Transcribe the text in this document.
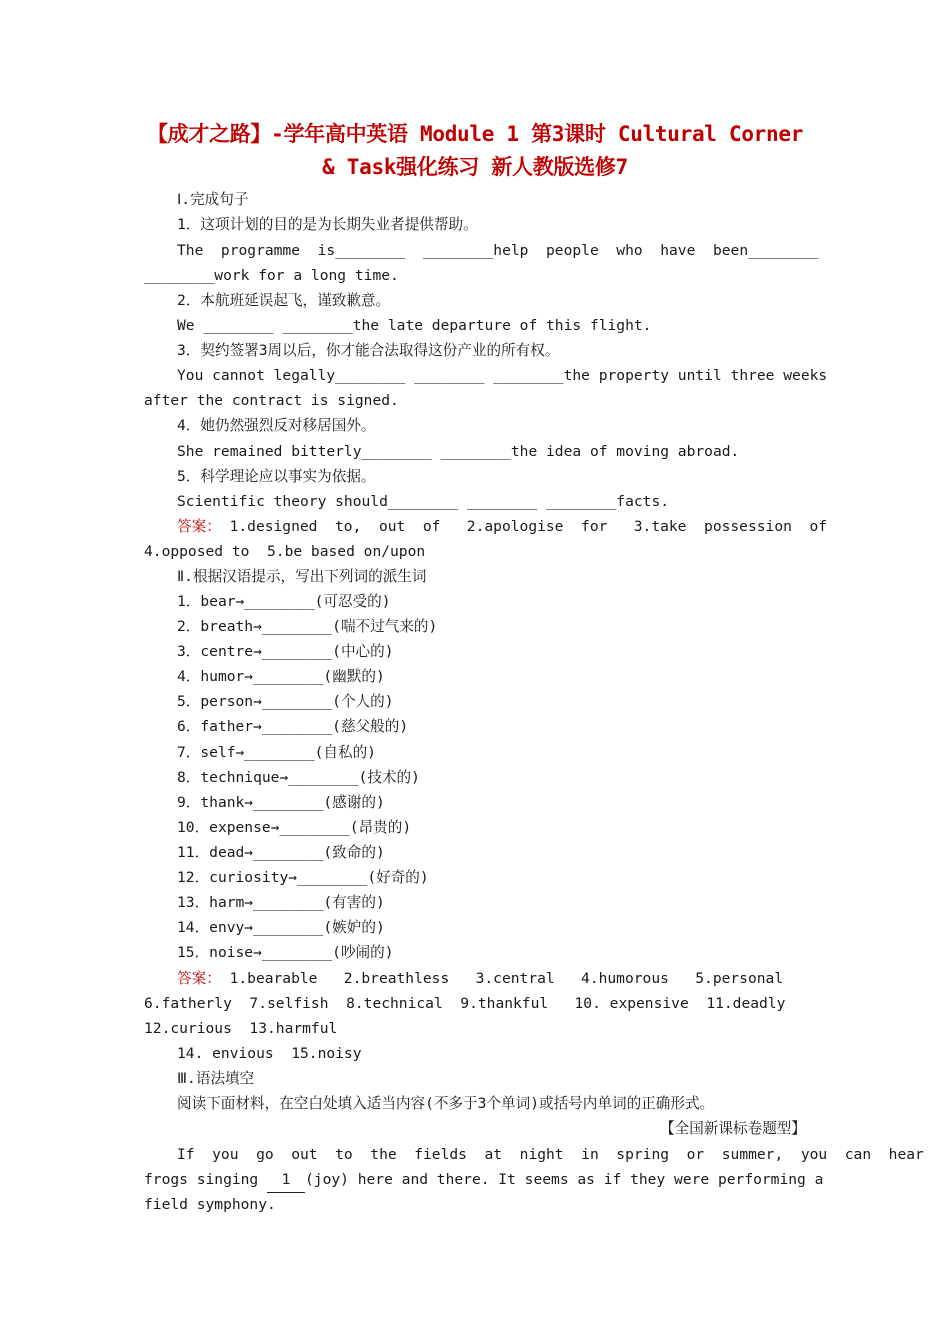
【成才之路】-学年高中英语 Module 1 第3课时 Cultural Corner
& Task强化练习 新人教版选修7
Ⅰ.完成句子
1．这项计划的目的是为长期失业者提供帮助。
The  programme  is________  ________help  people  who  have  been________
________work for a long time.
2．本航班延误起飞，谨致歉意。
We ________ ________the late departure of this flight.
3．契约签署3周以后，你才能合法取得这份产业的所有权。
You cannot legally________ ________ ________the property until three weeks
after the contract is signed.
4．她仍然强烈反对移居国外。
She remained bitterly________ ________the idea of moving abroad.
5．科学理论应以事实为依据。
Scientific theory should________ ________ ________facts.
答案： 1.designed  to,  out  of   2.apologise  for   3.take  possession  of
4.opposed to  5.be based on/upon
Ⅱ.根据汉语提示，写出下列词的派生词
1．bear→________(可忍受的)
2．breath→________(喘不过气来的)
3．centre→________(中心的)
4．humor→________(幽默的)
5．person→________(个人的)
6．father→________(慈父般的)
7．self→________(自私的)
8．technique→________(技术的)
9．thank→________(感谢的)
10．expense→________(昂贵的)
11．dead→________(致命的)
12．curiosity→________(好奇的)
13．harm→________(有害的)
14．envy→________(嫉妒的)
15．noise→________(吵闹的)
答案： 1.bearable   2.breathless   3.central   4.humorous   5.personal
6.fatherly  7.selfish  8.technical  9.thankful   10. expensive  11.deadly
12.curious  13.harmful
14. envious  15.noisy
Ⅲ.语法填空
阅读下面材料，在空白处填入适当内容(不多于3个单词)或括号内单词的正确形式。
【全国新课标卷题型】
If  you  go  out  to  the  fields  at  night  in  spring  or  summer,  you  can  hear
frogs singing 1 (joy) here and there. It seems as if they were performing a
field symphony.
